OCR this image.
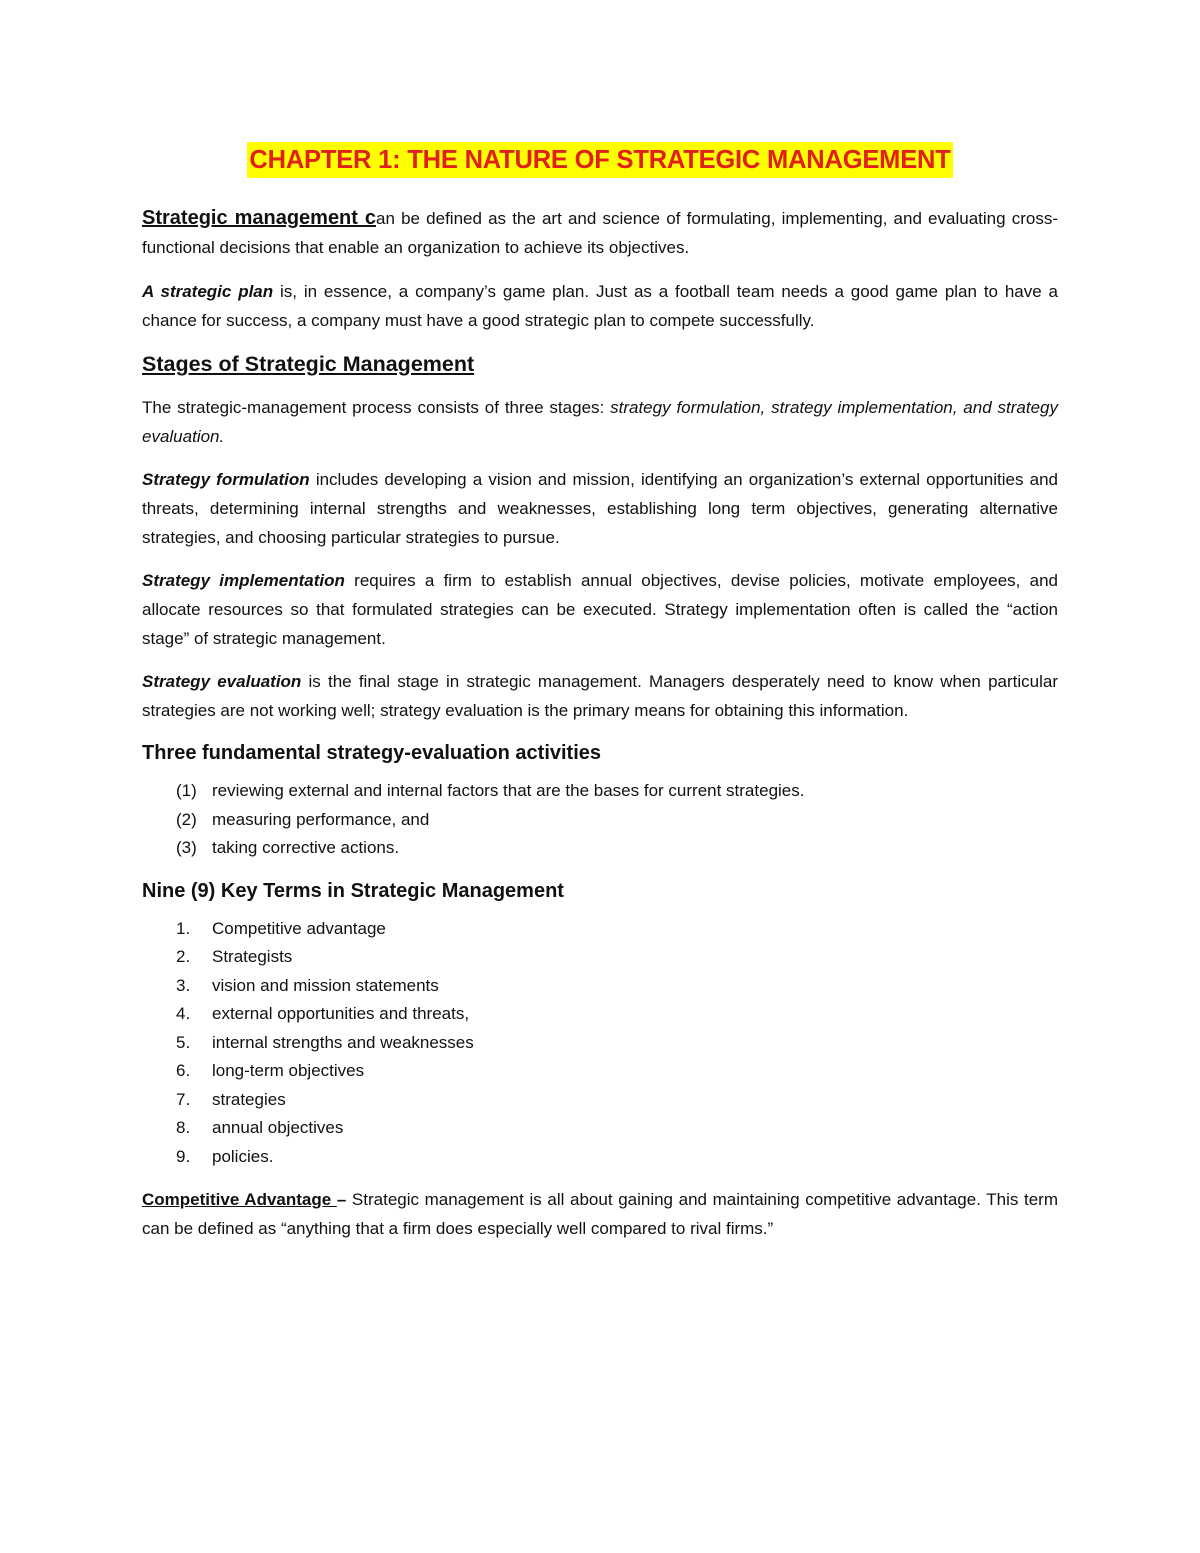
CHAPTER 1: THE NATURE OF STRATEGIC MANAGEMENT

Strategic management can be defined as the art and science of formulating, implementing, and evaluating cross-functional decisions that enable an organization to achieve its objectives.

A strategic plan is, in essence, a company’s game plan. Just as a football team needs a good game plan to have a chance for success, a company must have a good strategic plan to compete successfully.

Stages of Strategic Management

The strategic-management process consists of three stages: strategy formulation, strategy implementation, and strategy evaluation.

Strategy formulation includes developing a vision and mission, identifying an organization’s external opportunities and threats, determining internal strengths and weaknesses, establishing long term objectives, generating alternative strategies, and choosing particular strategies to pursue.

Strategy implementation requires a firm to establish annual objectives, devise policies, motivate employees, and allocate resources so that formulated strategies can be executed. Strategy implementation often is called the “action stage” of strategic management.

Strategy evaluation is the final stage in strategic management. Managers desperately need to know when particular strategies are not working well; strategy evaluation is the primary means for obtaining this information.

Three fundamental strategy-evaluation activities
(1) reviewing external and internal factors that are the bases for current strategies.
(2) measuring performance, and
(3) taking corrective actions.
Nine (9) Key Terms in Strategic Management
1. Competitive advantage
2. Strategists
3. vision and mission statements
4. external opportunities and threats,
5. internal strengths and weaknesses
6. long-term objectives
7. strategies
8. annual objectives
9. policies.

Competitive Advantage – Strategic management is all about gaining and maintaining competitive advantage. This term can be defined as “anything that a firm does especially well compared to rival firms.”
